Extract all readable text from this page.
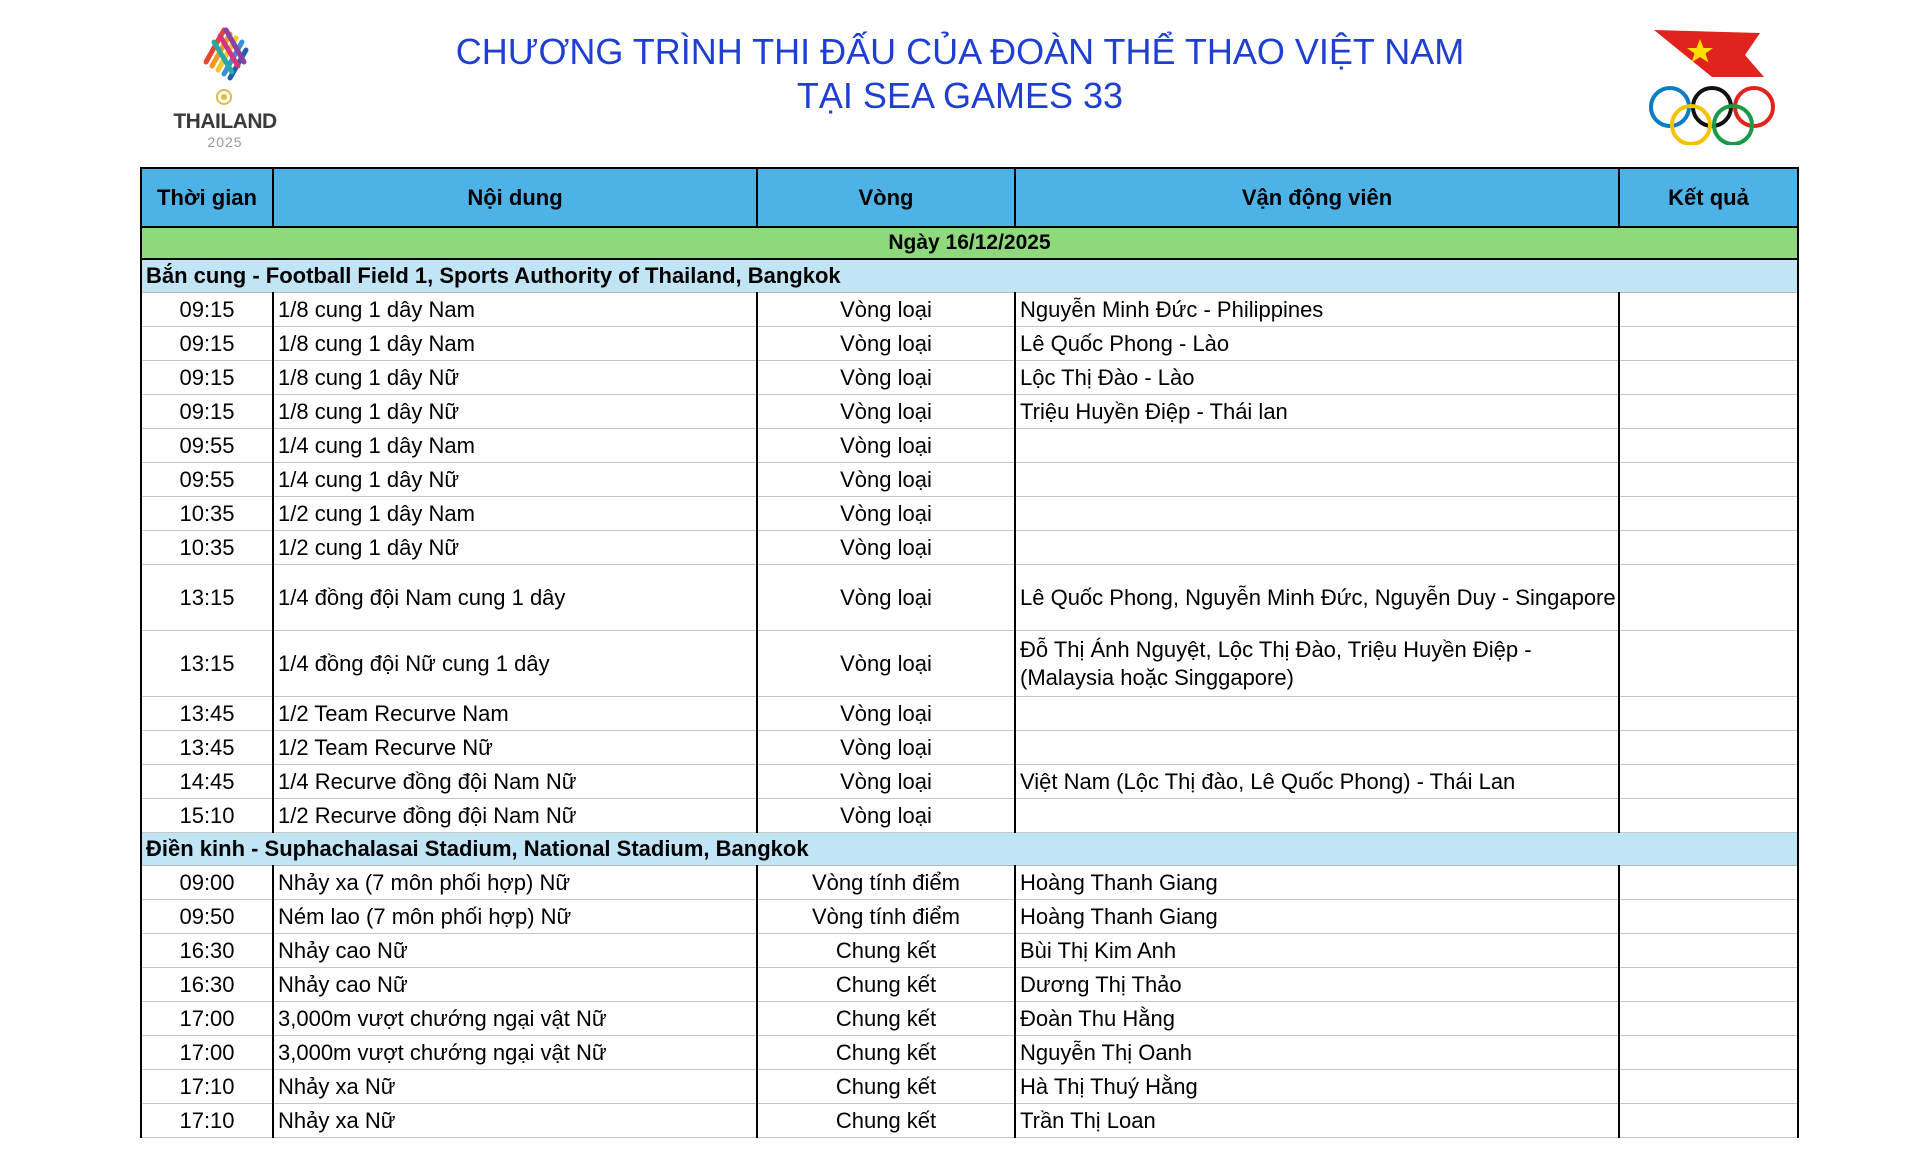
THAILAND
2025
CHƯƠNG TRÌNH THI ĐẤU CỦA ĐOÀN THỂ THAO VIỆT NAM
TẠI SEA GAMES 33
Thời gian	Nội dung	Vòng	Vận động viên	Kết quả
Ngày 16/12/2025				
Bắn cung - Football Field 1, Sports Authority of Thailand, Bangkok				
09:15	1/8 cung 1 dây Nam	Vòng loại	Nguyễn Minh Đức - Philippines	
09:15	1/8 cung 1 dây Nam	Vòng loại	Lê Quốc Phong - Lào	
09:15	1/8 cung 1 dây Nữ	Vòng loại	Lộc Thị Đào - Lào	
09:15	1/8 cung 1 dây Nữ	Vòng loại	Triệu Huyền Điệp - Thái lan	
09:55	1/4 cung 1 dây Nam	Vòng loại		
09:55	1/4 cung 1 dây Nữ	Vòng loại		
10:35	1/2 cung 1 dây Nam	Vòng loại		
10:35	1/2 cung 1 dây Nữ	Vòng loại		
13:15	1/4 đồng đội Nam cung 1 dây	Vòng loại	Lê Quốc Phong, Nguyễn Minh Đức, Nguyễn Duy - Singapore	
13:15	1/4 đồng đội Nữ cung 1 dây	Vòng loại	Đỗ Thị Ánh Nguyệt, Lộc Thị Đào, Triệu Huyền Điệp - (Malaysia hoặc Singgapore)	
13:45	1/2 Team Recurve Nam	Vòng loại		
13:45	1/2 Team Recurve Nữ	Vòng loại		
14:45	1/4 Recurve đồng đội Nam Nữ	Vòng loại	Việt Nam (Lộc Thị đào, Lê Quốc Phong) - Thái Lan	
15:10	1/2 Recurve đồng đội Nam Nữ	Vòng loại		
Điền kinh - Suphachalasai Stadium, National Stadium, Bangkok				
09:00	Nhảy xa (7 môn phối hợp) Nữ	Vòng tính điểm	Hoàng Thanh Giang	
09:50	Ném lao (7 môn phối hợp) Nữ	Vòng tính điểm	Hoàng Thanh Giang	
16:30	Nhảy cao Nữ	Chung kết	Bùi Thị Kim Anh	
16:30	Nhảy cao Nữ	Chung kết	Dương Thị Thảo	
17:00	3,000m vượt chướng ngại vật Nữ	Chung kết	Đoàn Thu Hằng	
17:00	3,000m vượt chướng ngại vật Nữ	Chung kết	Nguyễn Thị Oanh	
17:10	Nhảy xa Nữ	Chung kết	Hà Thị Thuý Hằng	
17:10	Nhảy xa Nữ	Chung kết	Trần Thị Loan	
